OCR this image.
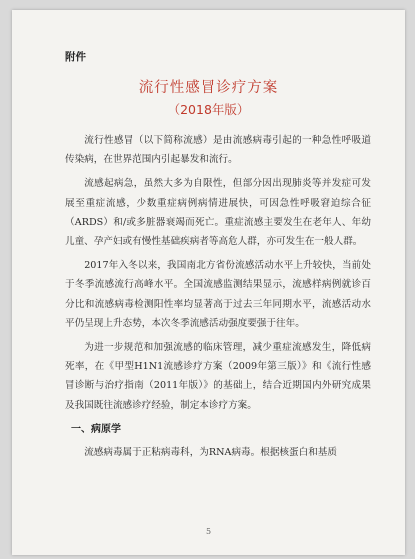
附件
流行性感冒诊疗方案
（2018年版）

流行性感冒（以下简称流感）是由流感病毒引起的一种急性呼吸道传染病，在世界范围内引起暴发和流行。

流感起病急，虽然大多为自限性，但部分因出现肺炎等并发症可发展至重症流感，少数重症病例病情进展快，可因急性呼吸窘迫综合征（ARDS）和/或多脏器衰竭而死亡。重症流感主要发生在老年人、年幼儿童、孕产妇或有慢性基础疾病者等高危人群，亦可发生在一般人群。

2017年入冬以来，我国南北方省份流感活动水平上升较快，当前处于冬季流感流行高峰水平。全国流感监测结果显示，流感样病例就诊百分比和流感病毒检测阳性率均显著高于过去三年同期水平，流感活动水平仍呈现上升态势，本次冬季流感活动强度要强于往年。

为进一步规范和加强流感的临床管理，减少重症流感发生，降低病死率，在《甲型H1N1流感诊疗方案（2009年第三版）》和《流行性感冒诊断与治疗指南（2011年版）》的基础上，结合近期国内外研究成果及我国既往流感诊疗经验，制定本诊疗方案。

一、病原学

流感病毒属于正粘病毒科，为RNA病毒。根据核蛋白和基质

5
